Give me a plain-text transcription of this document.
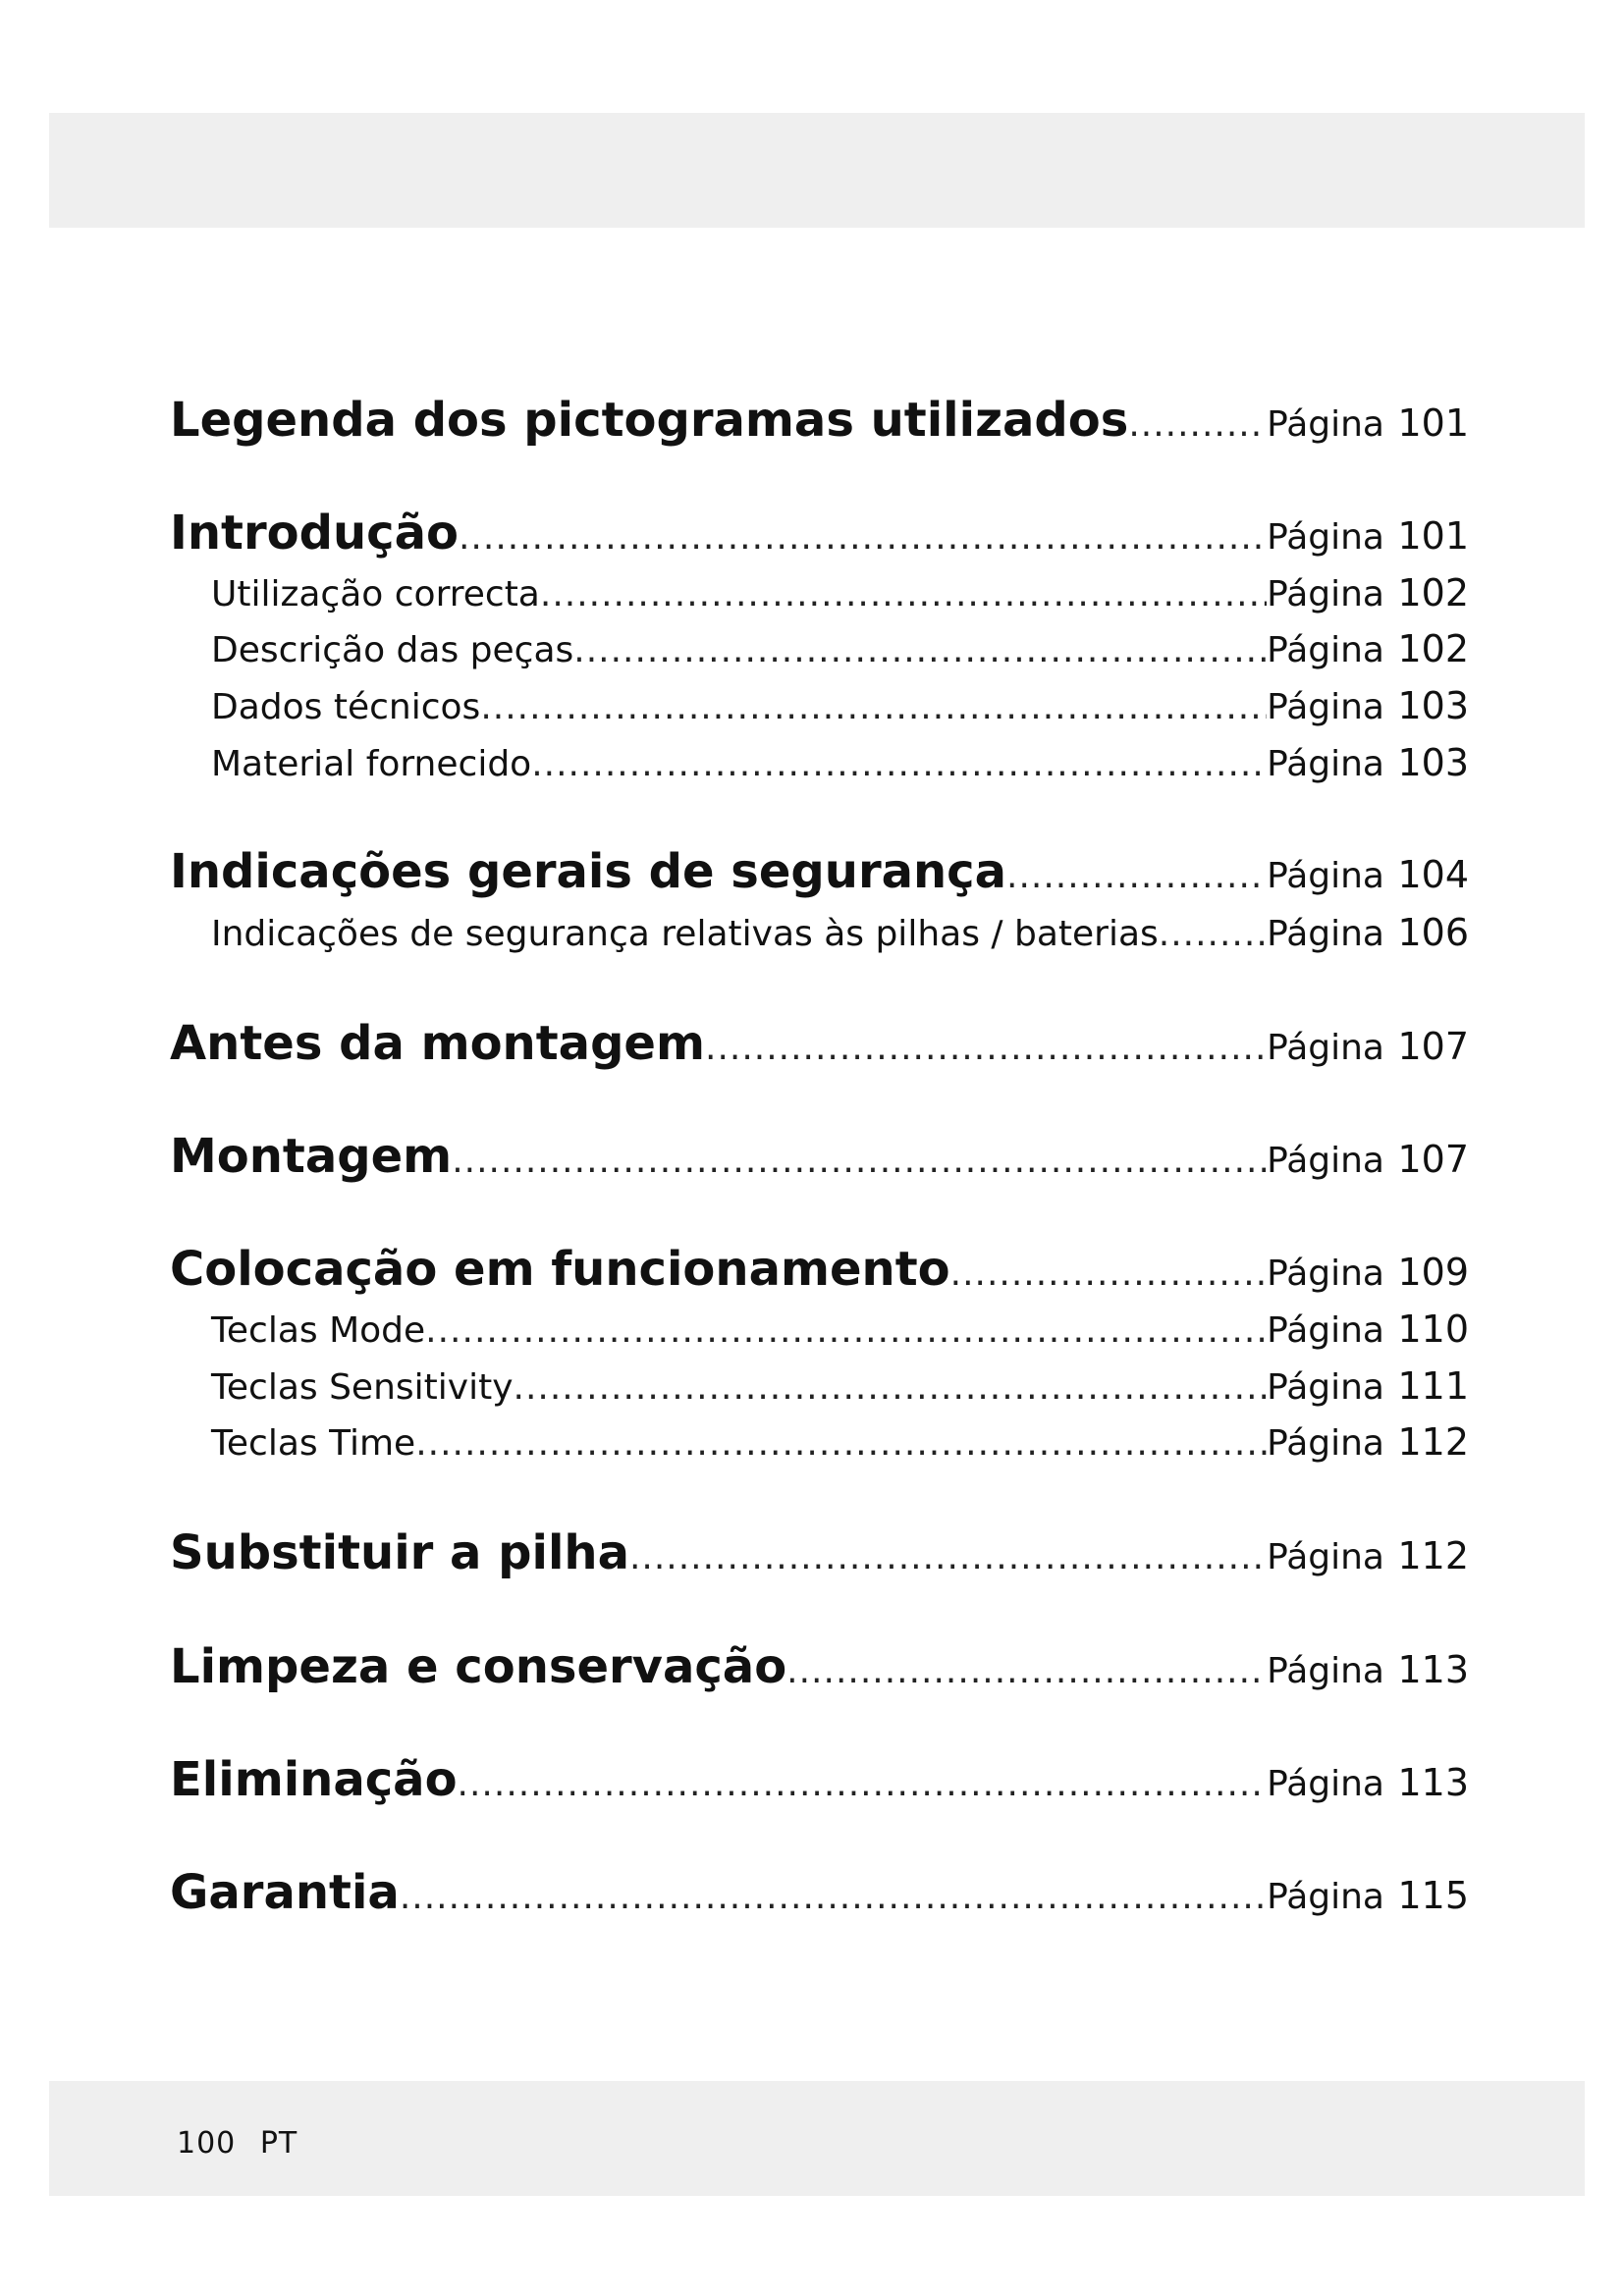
Legenda dos pictogramas utilizados .....	Página 101
Introdução .....	Página 101
Utilização correcta .....	Página 102
Descrição das peças .....	Página 102
Dados técnicos .....	Página 103
Material fornecido .....	Página 103
Indicações gerais de segurança .....	Página 104
Indicações de segurança relativas às pilhas / baterias .....	Página 106
Antes da montagem .....	Página 107
Montagem .....	Página 107
Colocação em funcionamento .....	Página 109
Teclas Mode .....	Página 110
Teclas Sensitivity .....	Página 111
Teclas Time .....	Página 112
Substituir a pilha .....	Página 112
Limpeza e conservação .....	Página 113
Eliminação .....	Página 113
Garantia .....	Página 115
100 PT
